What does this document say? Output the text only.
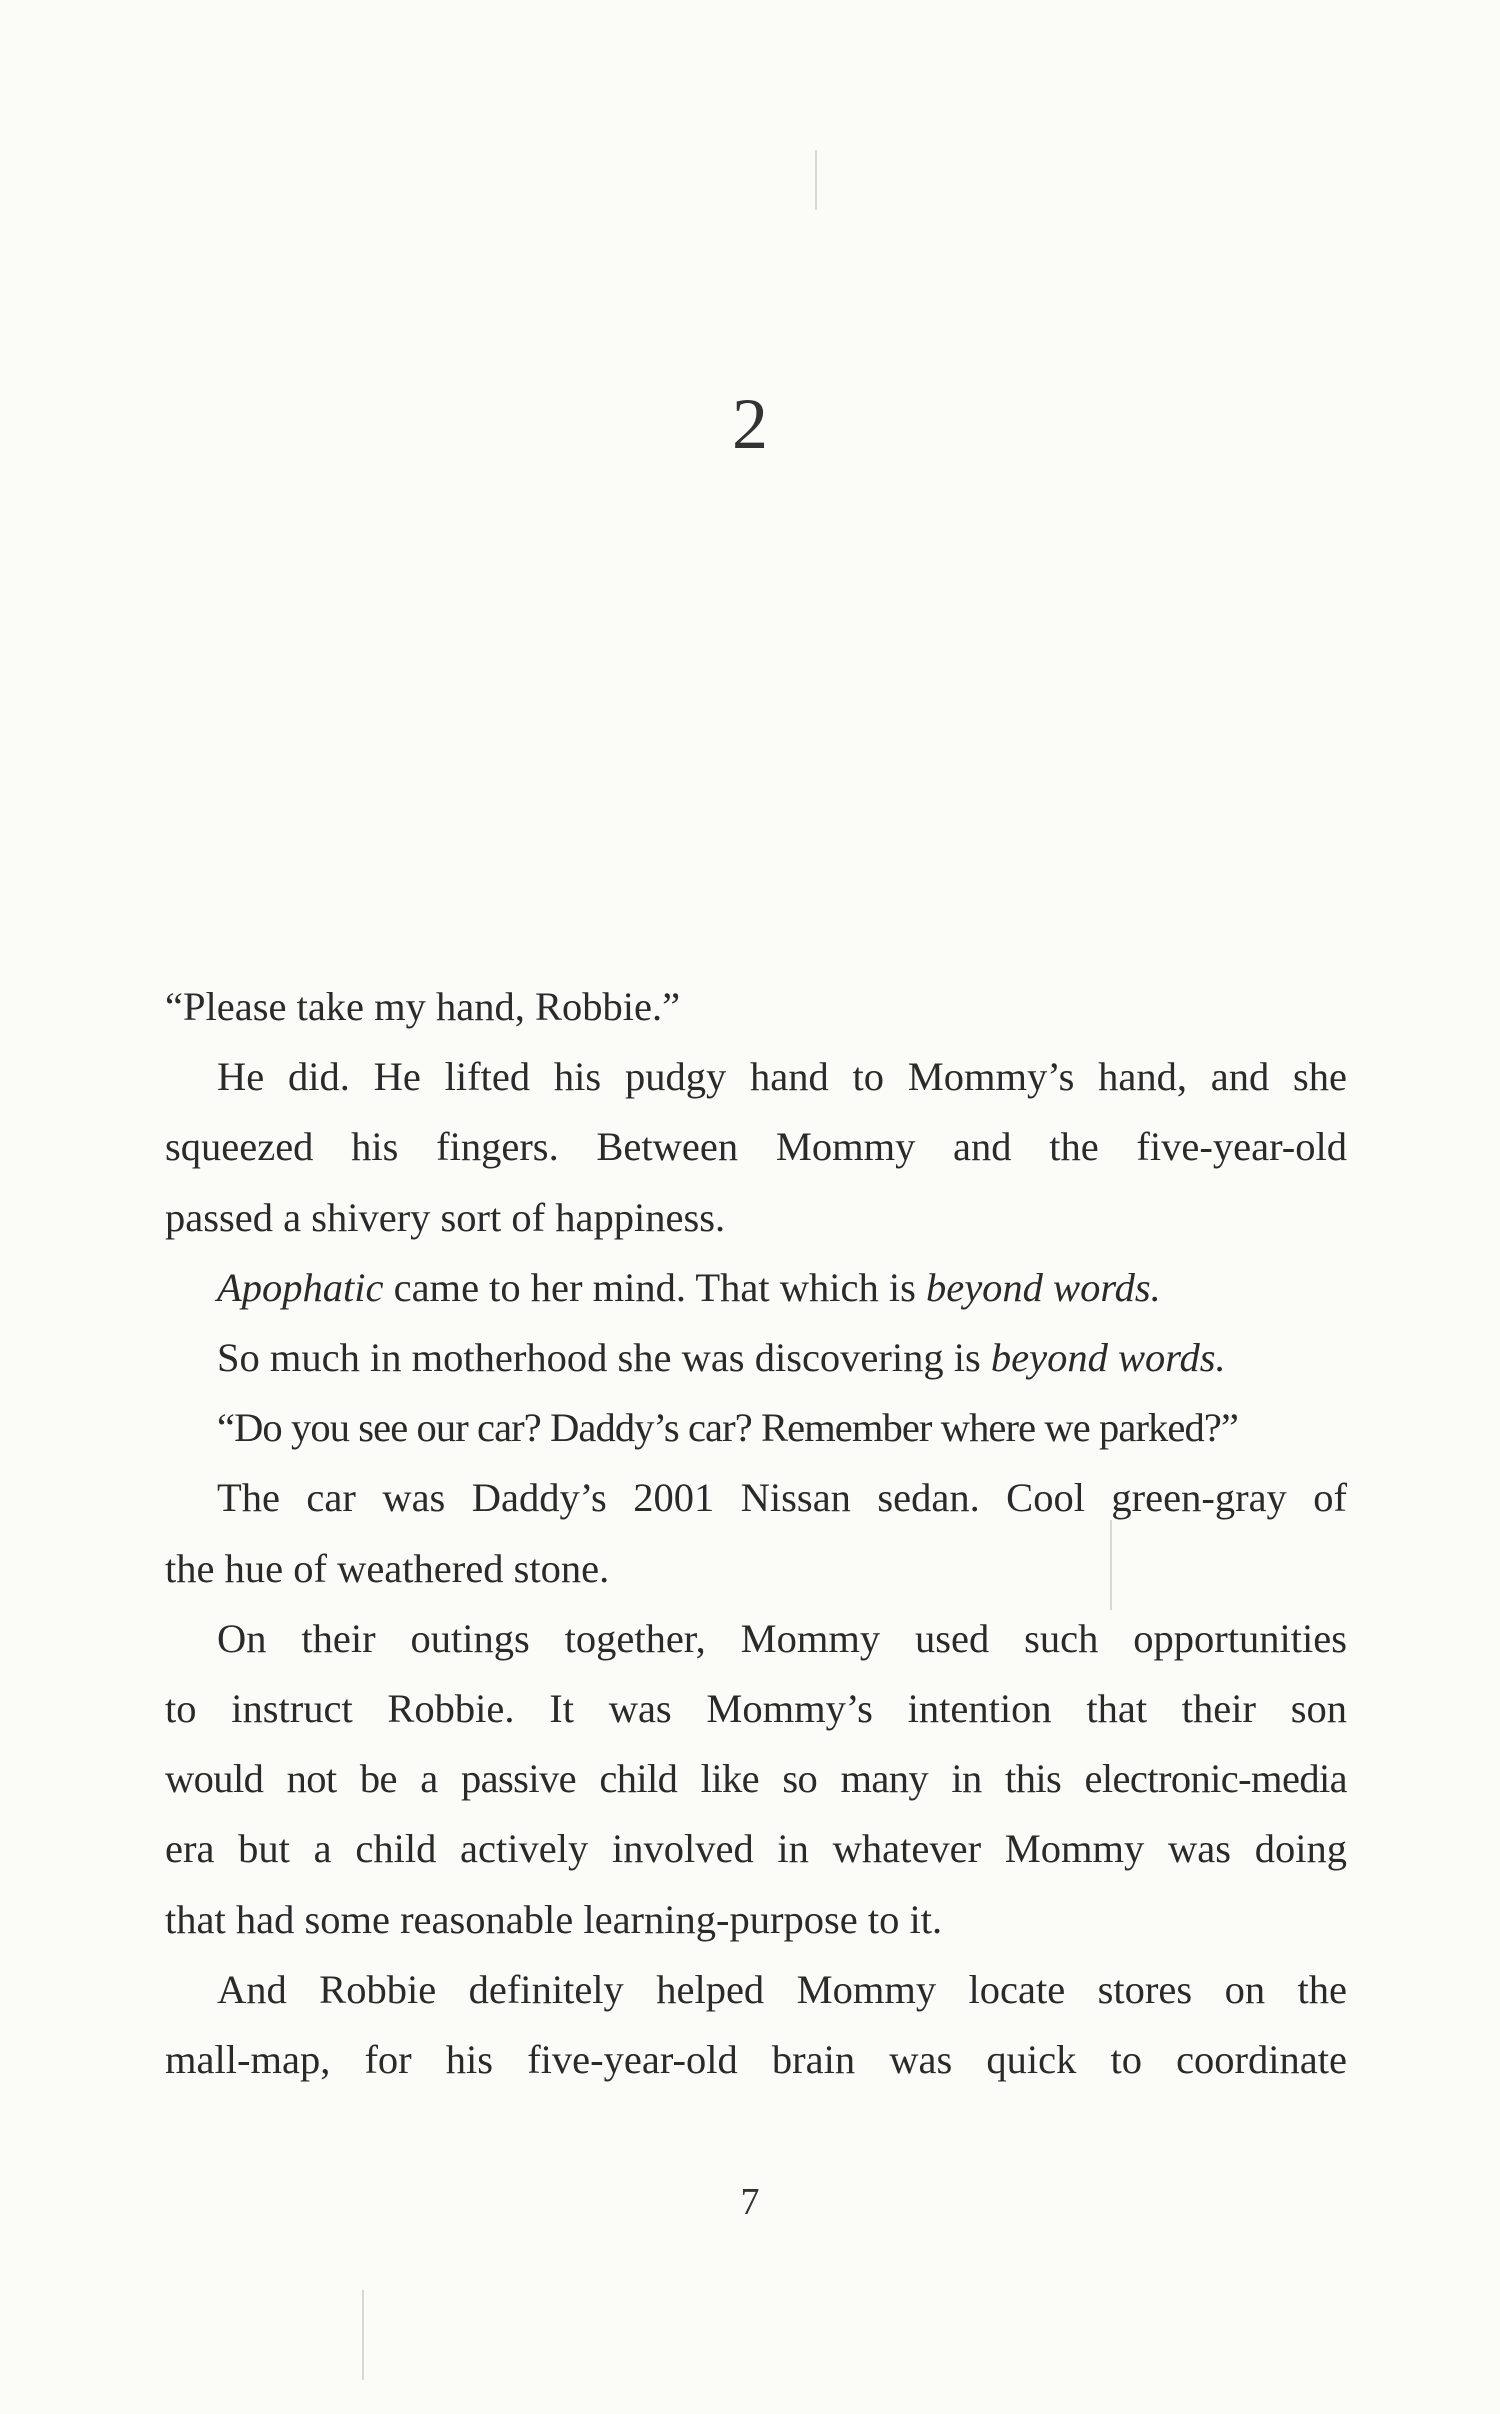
2
“Please take my hand, Robbie.”
He did. He lifted his pudgy hand to Mommy’s hand, and she
squeezed his fingers. Between Mommy and the five-year-old
passed a shivery sort of happiness.
Apophatic came to her mind. That which is beyond words.
So much in motherhood she was discovering is beyond words.
“Do you see our car? Daddy’s car? Remember where we parked?”
The car was Daddy’s 2001 Nissan sedan. Cool green-gray of
the hue of weathered stone.
On their outings together, Mommy used such opportunities
to instruct Robbie. It was Mommy’s intention that their son
would not be a passive child like so many in this electronic-media
era but a child actively involved in whatever Mommy was doing
that had some reasonable learning-purpose to it.
And Robbie definitely helped Mommy locate stores on the
mall-map, for his five-year-old brain was quick to coordinate
7
